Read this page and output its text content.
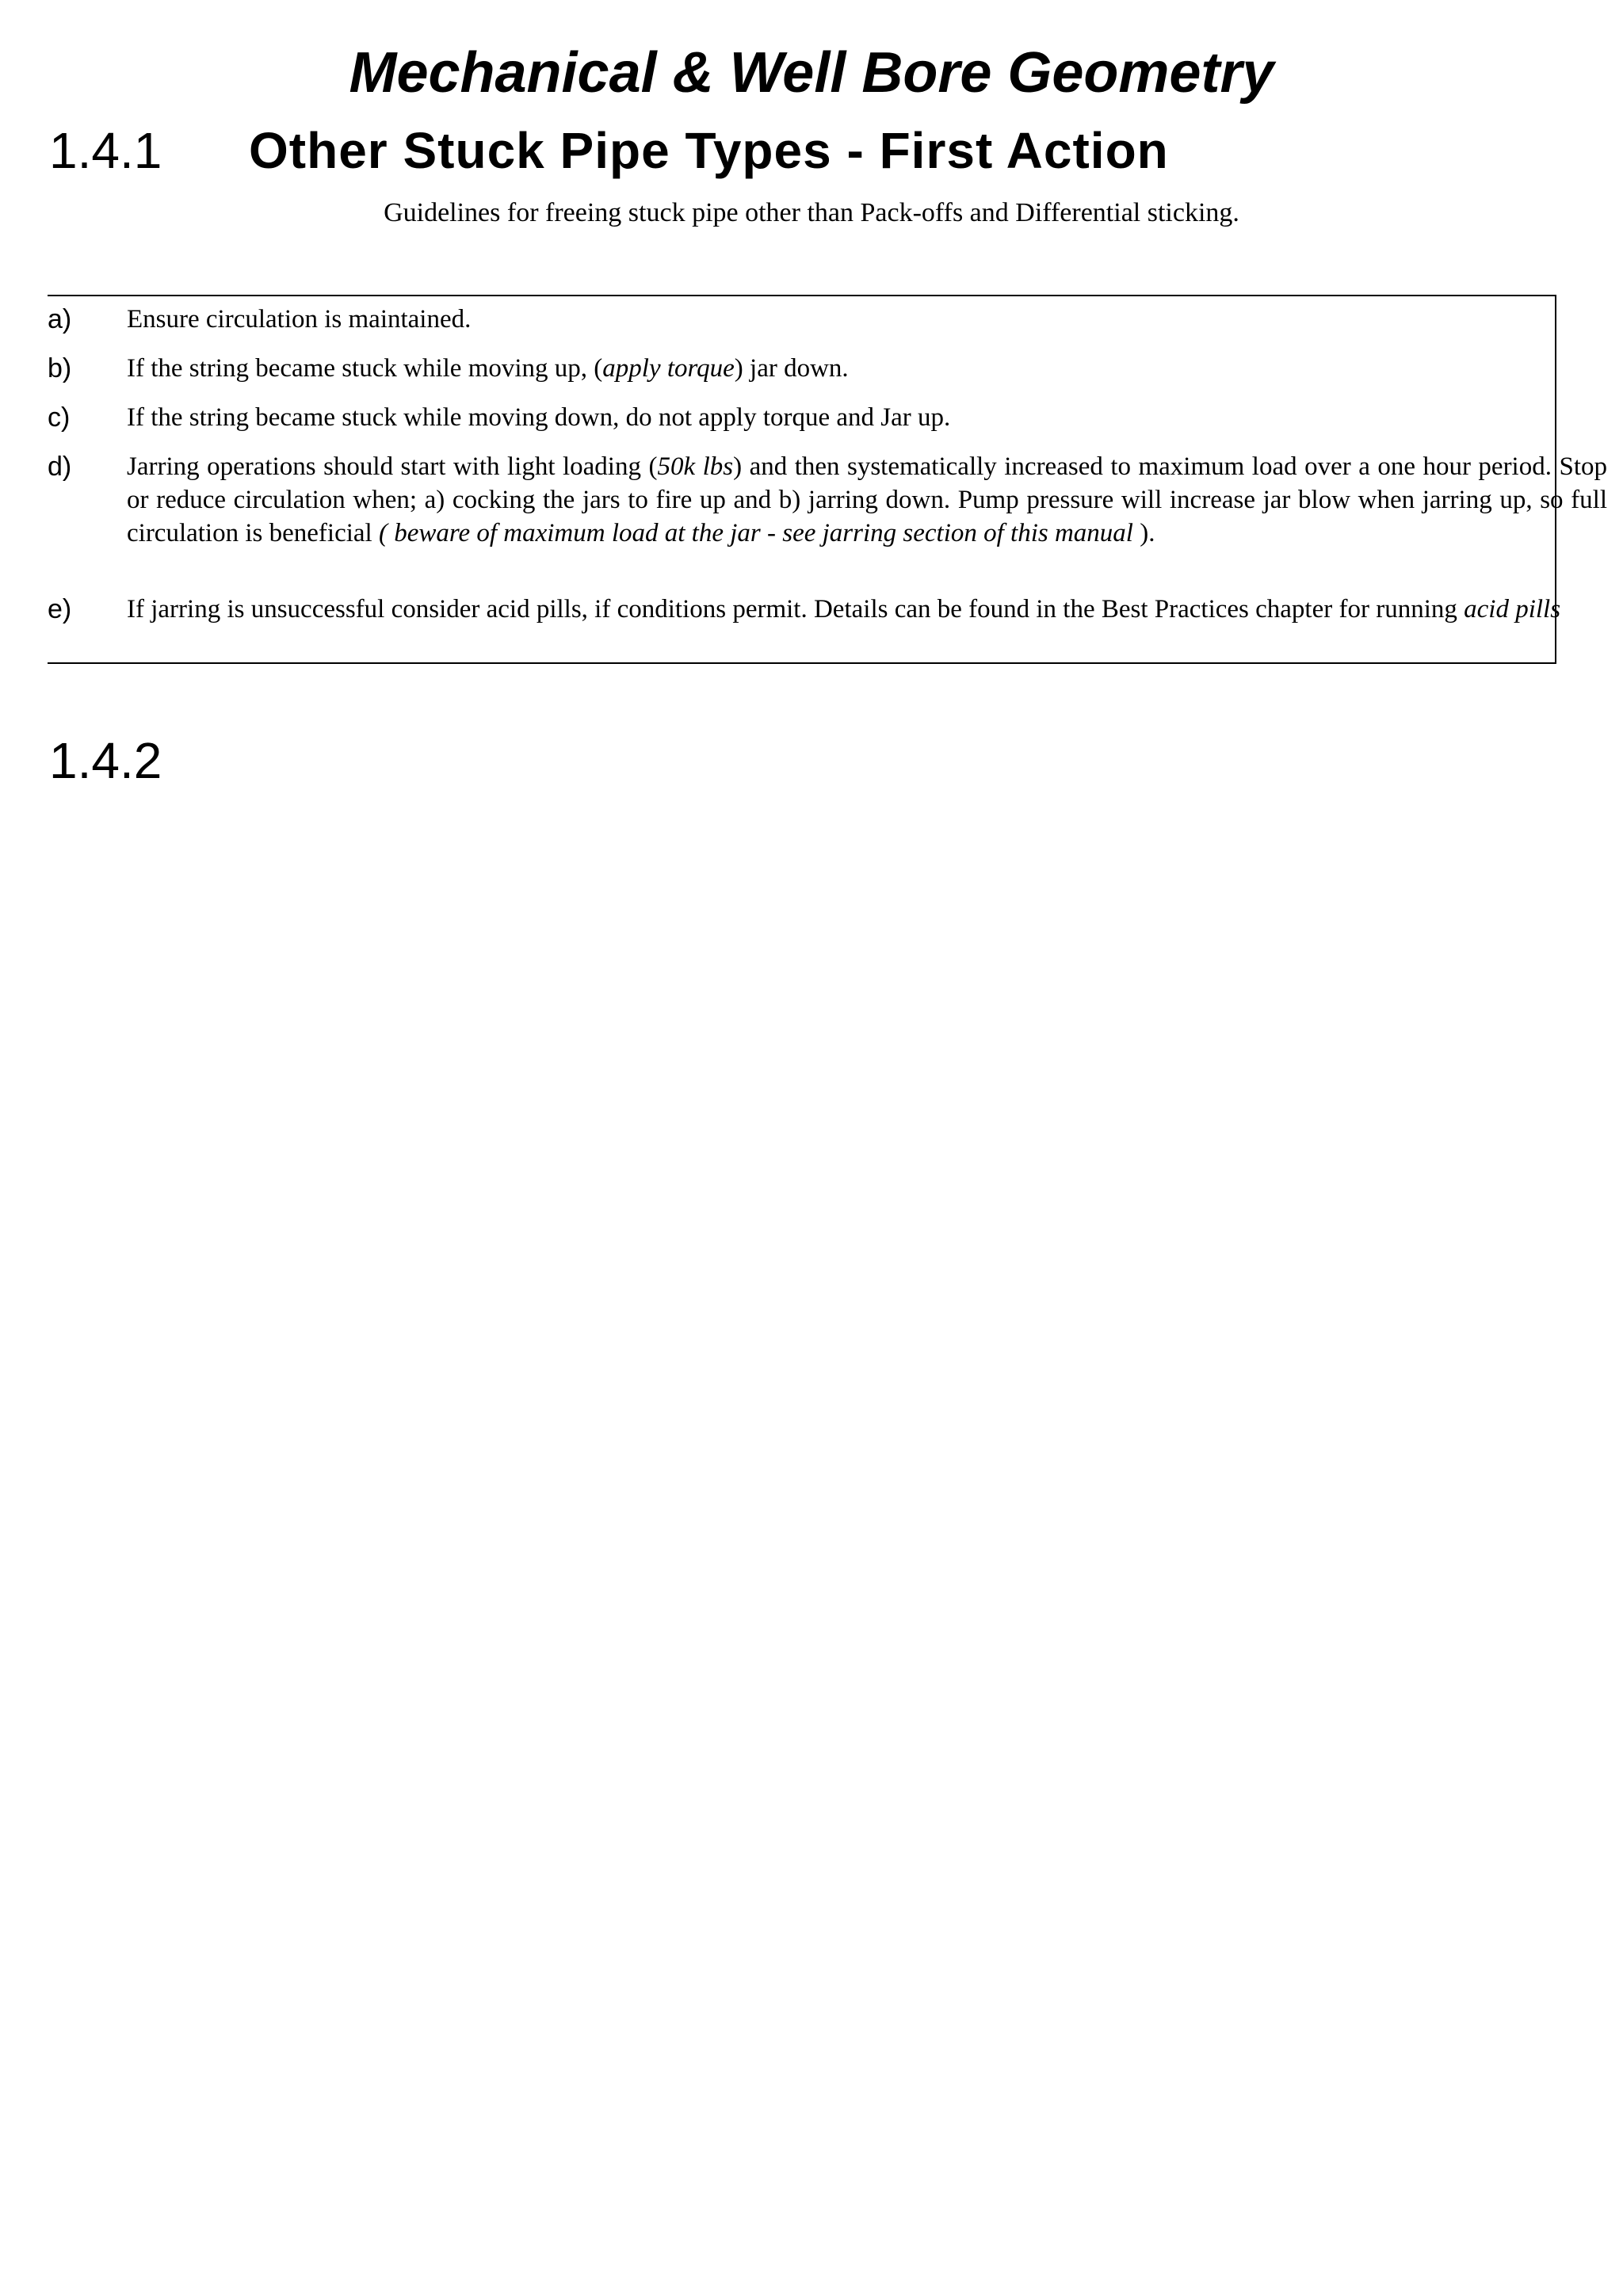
Mechanical & Well Bore Geometry
1.4.1 Other Stuck Pipe Types - First Action
Guidelines for freeing stuck pipe other than Pack-offs and Differential sticking.
a) Ensure circulation is maintained.
b) If the string became stuck while moving up, (apply torque) jar down.
c) If the string became stuck while moving down, do not apply torque and Jar up.
d) Jarring operations should start with light loading (50k lbs) and then systematically increased to maximum load over a one hour period. Stop or reduce circulation when; a) cocking the jars to fire up and b) jarring down. Pump pressure will increase jar blow when jarring up, so full circulation is beneficial ( beware of maximum load at the jar - see jarring section of this manual ).
e) If jarring is unsuccessful consider acid pills, if conditions permit. Details can be found in the Best Practices chapter for running acid pills
1.4.2
